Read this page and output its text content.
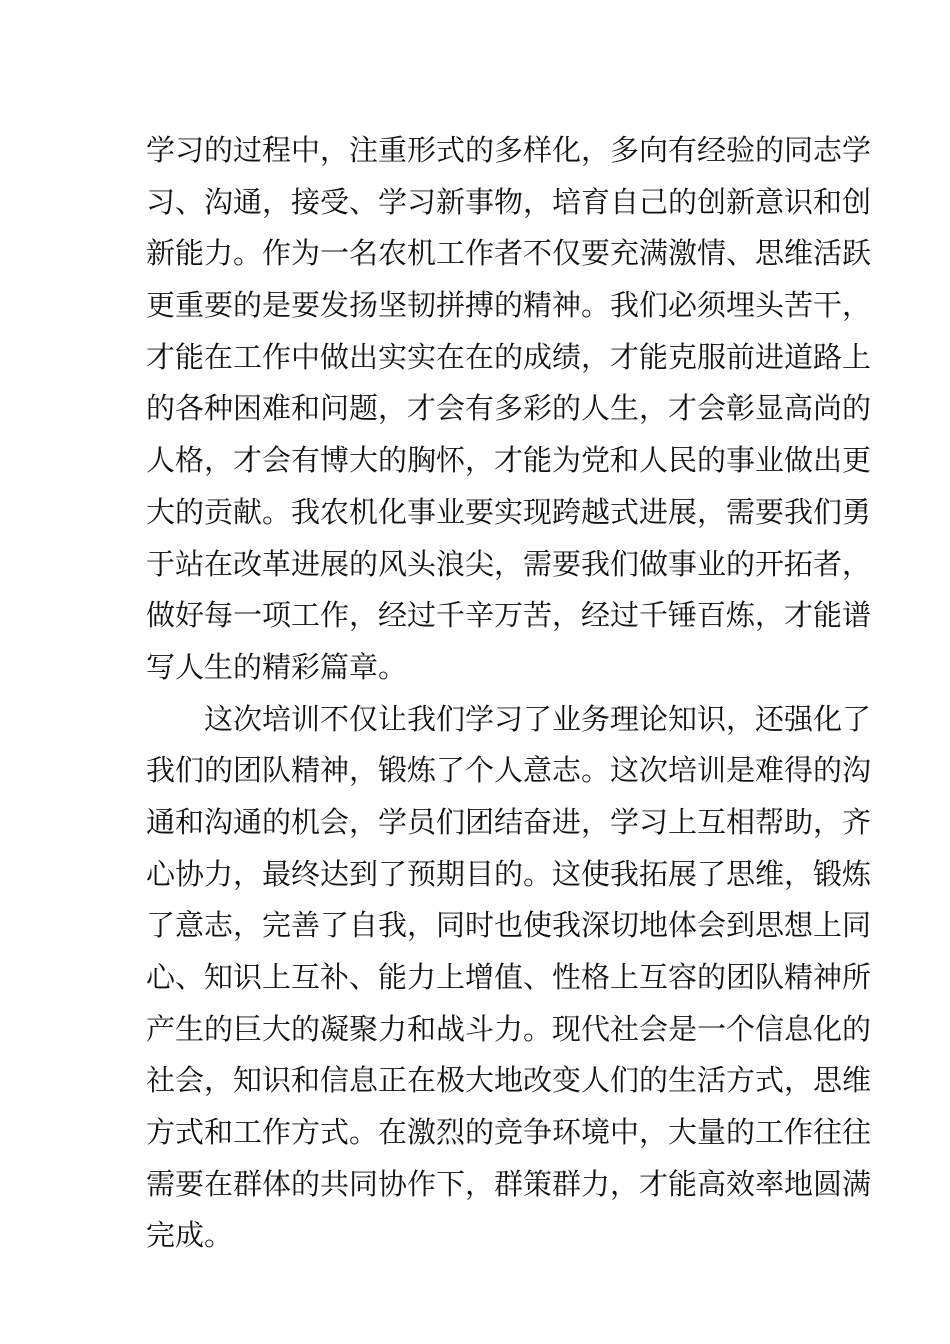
学习的过程中，注重形式的多样化，多向有经验的同志学
习、沟通，接受、学习新事物，培育自己的创新意识和创
新能力。作为一名农机工作者不仅要充满激情、思维活跃
更重要的是要发扬坚韧拼搏的精神。我们必须埋头苦干，
才能在工作中做出实实在在的成绩，才能克服前进道路上
的各种困难和问题，才会有多彩的人生，才会彰显高尚的
人格，才会有博大的胸怀，才能为党和人民的事业做出更
大的贡献。我农机化事业要实现跨越式进展，需要我们勇
于站在改革进展的风头浪尖，需要我们做事业的开拓者，
做好每一项工作，经过千辛万苦，经过千锤百炼，才能谱
写人生的精彩篇章。
　　这次培训不仅让我们学习了业务理论知识，还强化了
我们的团队精神，锻炼了个人意志。这次培训是难得的沟
通和沟通的机会，学员们团结奋进，学习上互相帮助，齐
心协力，最终达到了预期目的。这使我拓展了思维，锻炼
了意志，完善了自我，同时也使我深切地体会到思想上同
心、知识上互补、能力上增值、性格上互容的团队精神所
产生的巨大的凝聚力和战斗力。现代社会是一个信息化的
社会，知识和信息正在极大地改变人们的生活方式，思维
方式和工作方式。在激烈的竞争环境中，大量的工作往往
需要在群体的共同协作下，群策群力，才能高效率地圆满
完成。
